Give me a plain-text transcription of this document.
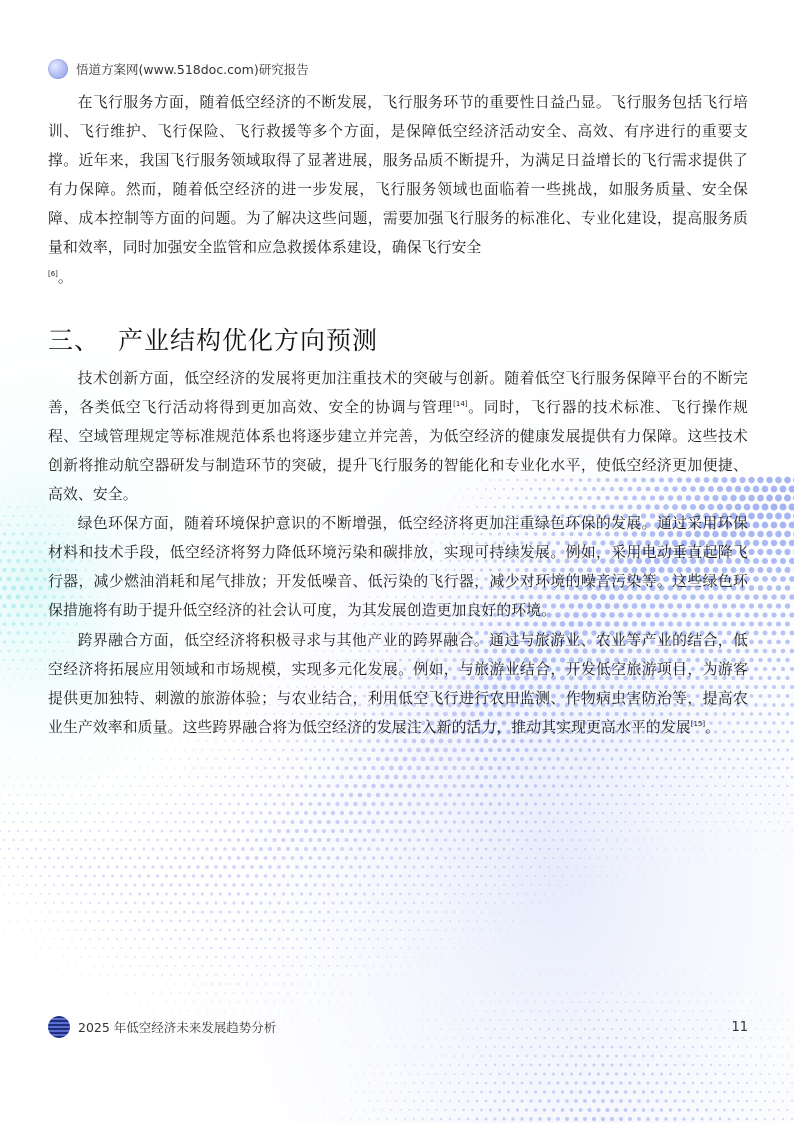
悟道方案网(www.518doc.com)研究报告

在飞行服务方面，随着低空经济的不断发展，飞行服务环节的重要性日益凸显。飞行服务包括飞行培训、飞行维护、飞行保险、飞行救援等多个方面，是保障低空经济活动安全、高效、有序进行的重要支撑。近年来，我国飞行服务领域取得了显著进展，服务品质不断提升，为满足日益增长的飞行需求提供了有力保障。然而，随着低空经济的进一步发展，飞行服务领域也面临着一些挑战，如服务质量、安全保障、成本控制等方面的问题。为了解决这些问题，需要加强飞行服务的标准化、专业化建设，提高服务质量和效率，同时加强安全监管和应急救援体系建设，确保飞行安全
[6]。

三、 产业结构优化方向预测

技术创新方面，低空经济的发展将更加注重技术的突破与创新。随着低空飞行服务保障平台的不断完善，各类低空飞行活动将得到更加高效、安全的协调与管理[14]。同时，飞行器的技术标准、飞行操作规程、空域管理规定等标准规范体系也将逐步建立并完善，为低空经济的健康发展提供有力保障。这些技术创新将推动航空器研发与制造环节的突破，提升飞行服务的智能化和专业化水平，使低空经济更加便捷、高效、安全。

绿色环保方面，随着环境保护意识的不断增强，低空经济将更加注重绿色环保的发展。通过采用环保材料和技术手段，低空经济将努力降低环境污染和碳排放，实现可持续发展。例如，采用电动垂直起降飞行器，减少燃油消耗和尾气排放；开发低噪音、低污染的飞行器，减少对环境的噪音污染等。这些绿色环保措施将有助于提升低空经济的社会认可度，为其发展创造更加良好的环境。

跨界融合方面，低空经济将积极寻求与其他产业的跨界融合。通过与旅游业、农业等产业的结合，低空经济将拓展应用领域和市场规模，实现多元化发展。例如，与旅游业结合，开发低空旅游项目，为游客提供更加独特、刺激的旅游体验；与农业结合，利用低空飞行进行农田监测、作物病虫害防治等，提高农业生产效率和质量。这些跨界融合将为低空经济的发展注入新的活力，推动其实现更高水平的发展[15]。

2025 年低空经济未来发展趋势分析	11
